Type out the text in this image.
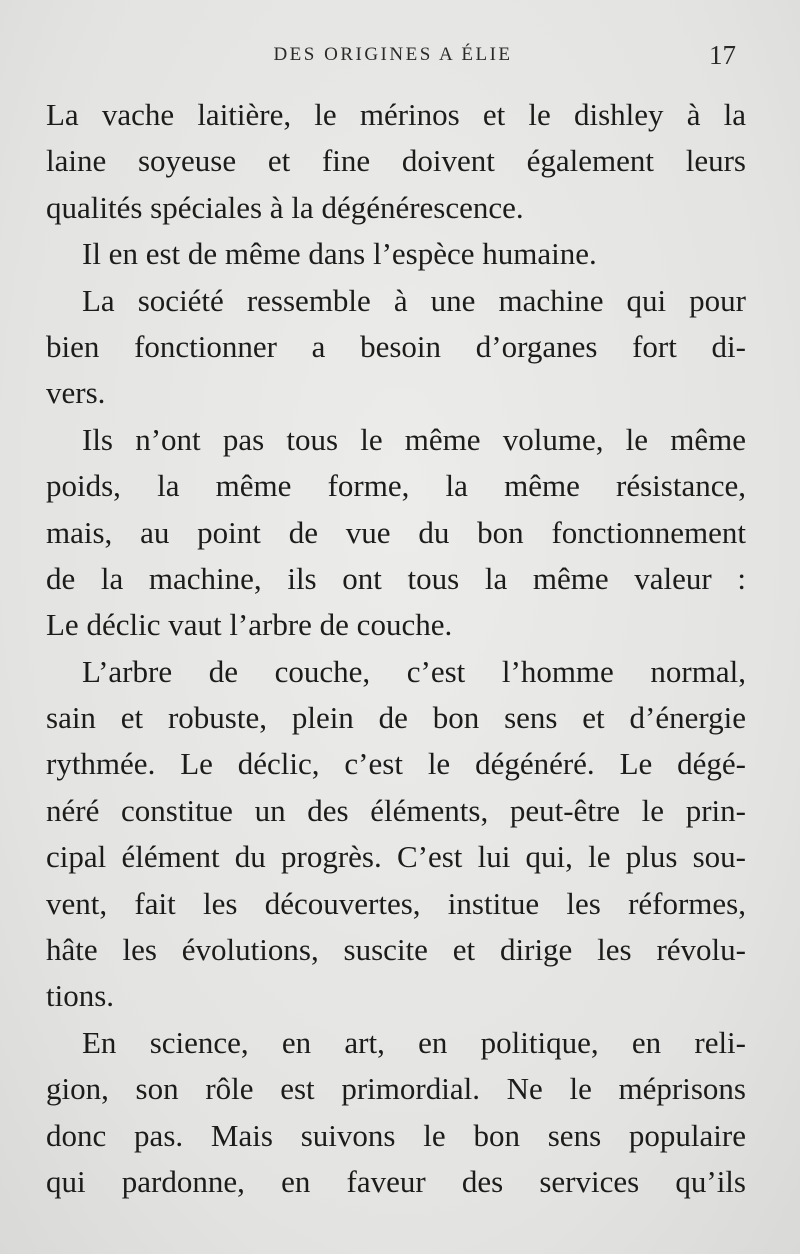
DES ORIGINES A ÉLIE	17
La vache laitière, le mérinos et le dishley à la
laine soyeuse et fine doivent également leurs
qualités spéciales à la dégénérescence.
Il en est de même dans l’espèce humaine.
La société ressemble à une machine qui pour
bien fonctionner a besoin d’organes fort di-
vers.
Ils n’ont pas tous le même volume, le même
poids, la même forme, la même résistance,
mais, au point de vue du bon fonctionnement
de la machine, ils ont tous la même valeur :
Le déclic vaut l’arbre de couche.
L’arbre de couche, c’est l’homme normal,
sain et robuste, plein de bon sens et d’énergie
rythmée. Le déclic, c’est le dégénéré. Le dégé-
néré constitue un des éléments, peut-être le prin-
cipal élément du progrès. C’est lui qui, le plus sou-
vent, fait les découvertes, institue les réformes,
hâte les évolutions, suscite et dirige les révolu-
tions.
En science, en art, en politique, en reli-
gion, son rôle est primordial. Ne le méprisons
donc pas. Mais suivons le bon sens populaire
qui pardonne, en faveur des services qu’ils
